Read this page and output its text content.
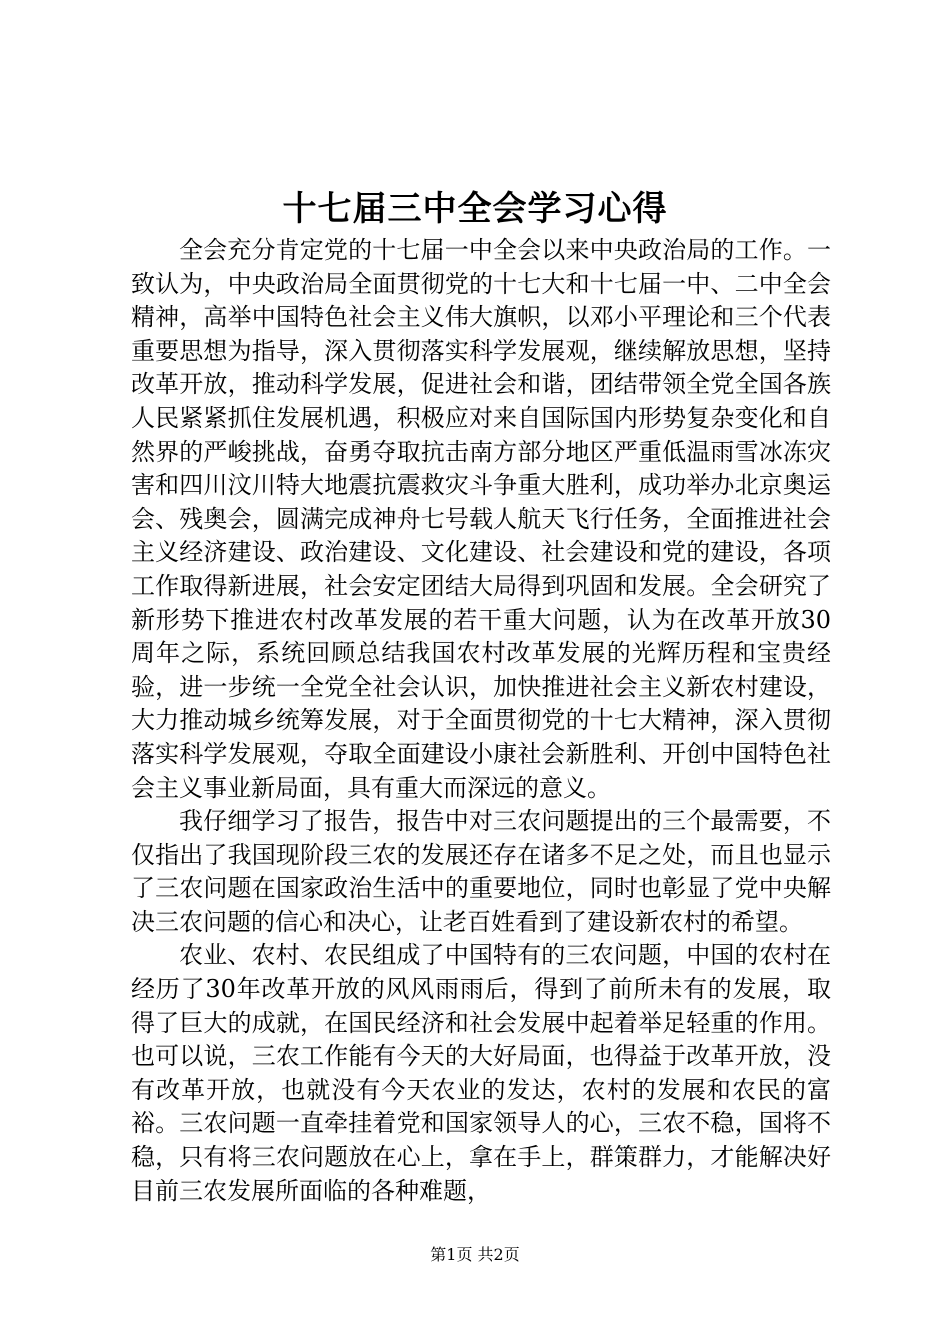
十七届三中全会学习心得

全会充分肯定党的十七届一中全会以来中央政治局的工作。一致认为，中央政治局全面贯彻党的十七大和十七届一中、二中全会精神，高举中国特色社会主义伟大旗帜，以邓小平理论和三个代表重要思想为指导，深入贯彻落实科学发展观，继续解放思想，坚持改革开放，推动科学发展，促进社会和谐，团结带领全党全国各族人民紧紧抓住发展机遇，积极应对来自国际国内形势复杂变化和自然界的严峻挑战，奋勇夺取抗击南方部分地区严重低温雨雪冰冻灾害和四川汶川特大地震抗震救灾斗争重大胜利，成功举办北京奥运会、残奥会，圆满完成神舟七号载人航天飞行任务，全面推进社会主义经济建设、政治建设、文化建设、社会建设和党的建设，各项工作取得新进展，社会安定团结大局得到巩固和发展。全会研究了新形势下推进农村改革发展的若干重大问题，认为在改革开放30周年之际，系统回顾总结我国农村改革发展的光辉历程和宝贵经验，进一步统一全党全社会认识，加快推进社会主义新农村建设，大力推动城乡统筹发展，对于全面贯彻党的十七大精神，深入贯彻落实科学发展观，夺取全面建设小康社会新胜利、开创中国特色社会主义事业新局面，具有重大而深远的意义。

我仔细学习了报告，报告中对三农问题提出的三个最需要，不仅指出了我国现阶段三农的发展还存在诸多不足之处，而且也显示了三农问题在国家政治生活中的重要地位，同时也彰显了党中央解决三农问题的信心和决心，让老百姓看到了建设新农村的希望。

农业、农村、农民组成了中国特有的三农问题，中国的农村在经历了30年改革开放的风风雨雨后，得到了前所未有的发展，取得了巨大的成就，在国民经济和社会发展中起着举足轻重的作用。也可以说，三农工作能有今天的大好局面，也得益于改革开放，没有改革开放，也就没有今天农业的发达，农村的发展和农民的富裕。三农问题一直牵挂着党和国家领导人的心，三农不稳，国将不稳，只有将三农问题放在心上，拿在手上，群策群力，才能解决好目前三农发展所面临的各种难题，

第1页 共2页
